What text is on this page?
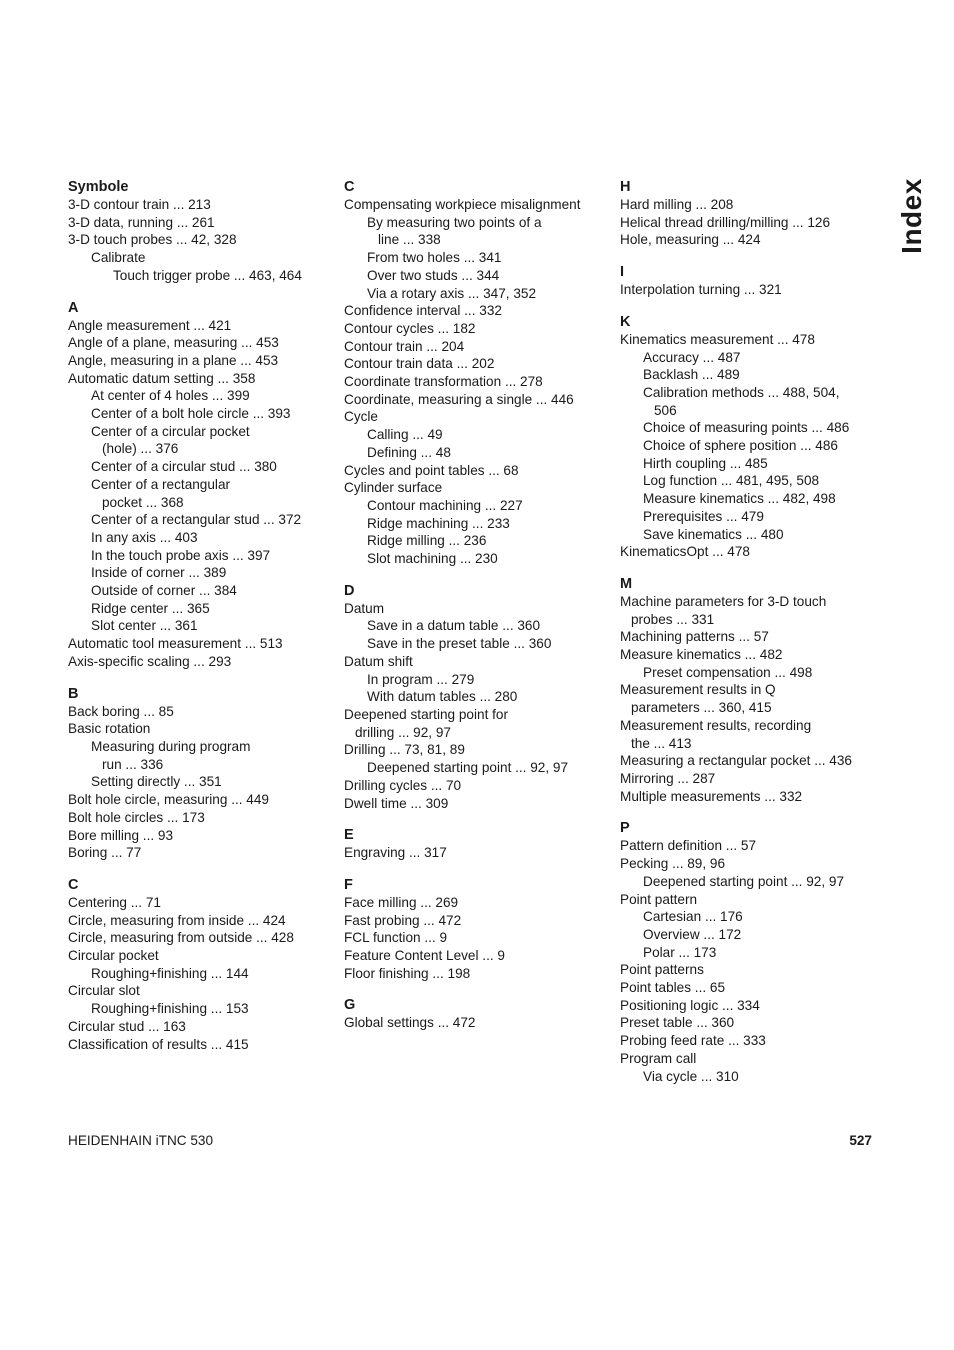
Symbole
3-D contour train ... 213
3-D data, running ... 261
3-D touch probes ... 42, 328
Calibrate
Touch trigger probe ... 463, 464
A
Angle measurement ... 421
Angle of a plane, measuring ... 453
Angle, measuring in a plane ... 453
Automatic datum setting ... 358
At center of 4 holes ... 399
Center of a bolt hole circle ... 393
Center of a circular pocket
(hole) ... 376
Center of a circular stud ... 380
Center of a rectangular
pocket ... 368
Center of a rectangular stud ... 372
In any axis ... 403
In the touch probe axis ... 397
Inside of corner ... 389
Outside of corner ... 384
Ridge center ... 365
Slot center ... 361
Automatic tool measurement ... 513
Axis-specific scaling ... 293
B
Back boring ... 85
Basic rotation
Measuring during program
run ... 336
Setting directly ... 351
Bolt hole circle, measuring ... 449
Bolt hole circles ... 173
Bore milling ... 93
Boring ... 77
C
Centering ... 71
Circle, measuring from inside ... 424
Circle, measuring from outside ... 428
Circular pocket
Roughing+finishing ... 144
Circular slot
Roughing+finishing ... 153
Circular stud ... 163
Classification of results ... 415
C
Compensating workpiece misalignment
By measuring two points of a
line ... 338
From two holes ... 341
Over two studs ... 344
Via a rotary axis ... 347, 352
Confidence interval ... 332
Contour cycles ... 182
Contour train ... 204
Contour train data ... 202
Coordinate transformation ... 278
Coordinate, measuring a single ... 446
Cycle
Calling ... 49
Defining ... 48
Cycles and point tables ... 68
Cylinder surface
Contour machining ... 227
Ridge machining ... 233
Ridge milling ... 236
Slot machining ... 230
D
Datum
Save in a datum table ... 360
Save in the preset table ... 360
Datum shift
In program ... 279
With datum tables ... 280
Deepened starting point for
drilling ... 92, 97
Drilling ... 73, 81, 89
Deepened starting point ... 92, 97
Drilling cycles ... 70
Dwell time ... 309
E
Engraving ... 317
F
Face milling ... 269
Fast probing ... 472
FCL function ... 9
Feature Content Level ... 9
Floor finishing ... 198
G
Global settings ... 472
H
Hard milling ... 208
Helical thread drilling/milling ... 126
Hole, measuring ... 424
I
Interpolation turning ... 321
K
Kinematics measurement ... 478
Accuracy ... 487
Backlash ... 489
Calibration methods ... 488, 504,
506
Choice of measuring points ... 486
Choice of sphere position ... 486
Hirth coupling ... 485
Log function ... 481, 495, 508
Measure kinematics ... 482, 498
Prerequisites ... 479
Save kinematics ... 480
KinematicsOpt ... 478
M
Machine parameters for 3-D touch
probes ... 331
Machining patterns ... 57
Measure kinematics ... 482
Preset compensation ... 498
Measurement results in Q
parameters ... 360, 415
Measurement results, recording
the ... 413
Measuring a rectangular pocket ... 436
Mirroring ... 287
Multiple measurements ... 332
P
Pattern definition ... 57
Pecking ... 89, 96
Deepened starting point ... 92, 97
Point pattern
Cartesian ... 176
Overview ... 172
Polar ... 173
Point patterns
Point tables ... 65
Positioning logic ... 334
Preset table ... 360
Probing feed rate ... 333
Program call
Via cycle ... 310
Index
HEIDENHAIN iTNC 530	527
